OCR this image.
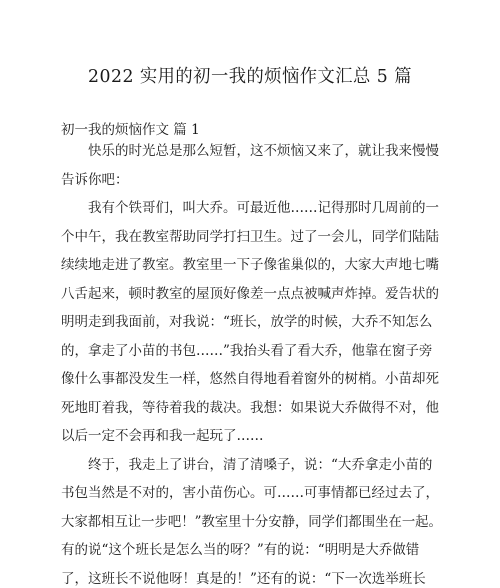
2022 实用的初一我的烦恼作文汇总 5 篇
初一我的烦恼作文 篇 1
快乐的时光总是那么短暂，这不烦恼又来了，就让我来慢慢
告诉你吧：
我有个铁哥们，叫大乔。可最近他……记得那时几周前的一
个中午，我在教室帮助同学打扫卫生。过了一会儿，同学们陆陆
续续地走进了教室。教室里一下子像雀巢似的，大家大声地七嘴
八舌起来，顿时教室的屋顶好像差一点点被喊声炸掉。爱告状的
明明走到我面前，对我说：“班长，放学的时候，大乔不知怎么
的，拿走了小苗的书包……”我抬头看了看大乔，他靠在窗子旁
像什么事都没发生一样，悠然自得地看着窗外的树梢。小苗却死
死地盯着我，等待着我的裁决。我想：如果说大乔做得不对，他
以后一定不会再和我一起玩了……
终于，我走上了讲台，清了清嗓子，说：“大乔拿走小苗的
书包当然是不对的，害小苗伤心。可……可事情都已经过去了，
大家都相互让一步吧！”教室里十分安静，同学们都围坐在一起。
有的说“这个班长是怎么当的呀？”有的说：“明明是大乔做错
了，这班长不说他呀！真是的！”还有的说：“下一次选举班长
